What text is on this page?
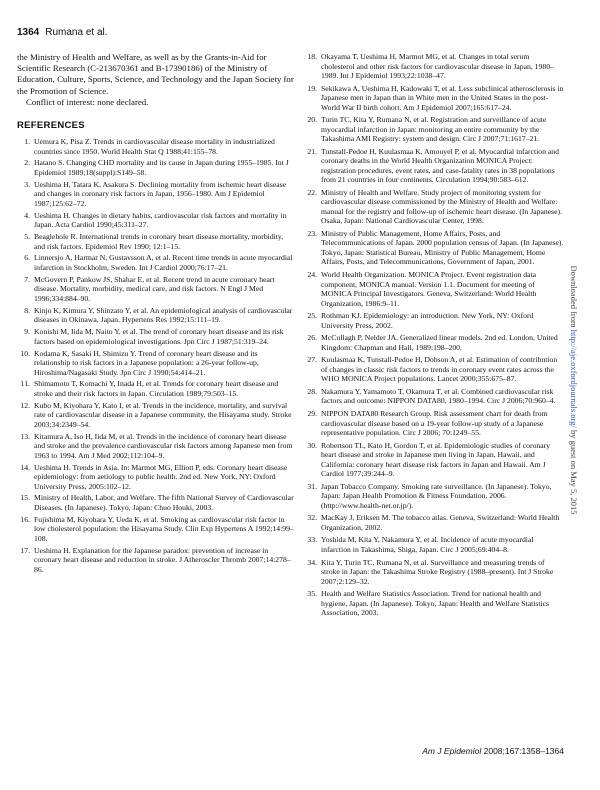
1364 Rumana et al.

the Ministry of Health and Welfare, as well as by the Grants-in-Aid for Scientific Research (C-213670361 and B-17390186) of the Ministry of Education, Culture, Sports, Science, and Technology and the Japan Society for the Promotion of Science.

Conflict of interest: none declared.

REFERENCES
1. Uemura K, Pisa Z. Trends in cardiovascular disease mortality in industrialized countries since 1950. World Health Stat Q 1988;41:155–78.
2. Hatano S. Changing CHD mortality and its cause in Japan during 1955–1985. Int J Epidemiol 1989;18(suppl):S149–58.
3. Ueshima H, Tatara K, Asakura S. Declining mortality from ischemic heart disease and changes in coronary risk factors in Japan, 1956–1980. Am J Epidemiol 1987;125:62–72.
4. Ueshima H. Changes in dietary habits, cardiovascular risk factors and mortality in Japan. Acta Cardiol 1990;45:311–27.
5. Beaglehole R. International trends in coronary heart disease mortality, morbidity, and risk factors. Epidemiol Rev 1990; 12:1–15.
6. Linnersjo A, Harmar N, Gustavsson A, et al. Recent time trends in acute myocardial infarction in Stockholm, Sweden. Int J Cardiol 2000;76:17–21.
7. McGovern P, Pankow JS, Shahar E, et al. Recent trend in acute coronary heart disease. Mortality, morbidity, medical care, and risk factors. N Engl J Med 1996;334:884–90.
8. Kinjo K, Kimura Y, Shinzato Y, et al. An epidemiological analysis of cardiovascular diseases in Okinawa, Japan. Hypertens Res 1992;15:111–19.
9. Konishi M, Iida M, Naito Y, et al. The trend of coronary heart disease and its risk factors based on epidemiological investigations. Jpn Circ J 1987;51:319–24.
10. Kodama K, Sasaki H, Shimizu Y. Trend of coronary heart disease and its relationship to risk factors in a Japanese population: a 26-year follow-up, Hiroshima/Nagasaki Study. Jpn Circ J 1990;54:414–21.
11. Shimamoto T, Komachi Y, Inada H, et al. Trends for coronary heart disease and stroke and their risk factors in Japan. Circulation 1989;79:503–15.
12. Kubo M, Kiyohara Y, Kato I, et al. Trends in the incidence, mortality, and survival rate of cardiovascular disease in a Japanese community, the Hisayama study. Stroke 2003;34:2349–54.
13. Kitamura A, Iso H, Iida M, et al. Trends in the incidence of coronary heart disease and stroke and the prevalence cardiovascular risk factors among Japanese men from 1963 to 1994. Am J Med 2002;112:104–9.
14. Ueshima H. Trends in Asia. In: Marmot MG, Elliott P, eds. Coronary heart disease epidemiology: from aetiology to public health. 2nd ed. New York, NY: Oxford University Press, 2005:102–12.
15. Ministry of Health, Labor, and Welfare. The fifth National Survey of Cardiovascular Diseases. (In Japanese). Tokyo, Japan: Chuo Houki, 2003.
16. Fujishima M, Kiyohara Y, Ueda K, et al. Smoking as cardiovascular risk factor in low cholesterol population: the Hisayama Study. Clin Exp Hypertens A 1992;14:99–108.
17. Ueshima H. Explanation for the Japanese paradox: prevention of increase in coronary heart disease and reduction in stroke. J Atheroscler Thromb 2007;14:278–86.
18. Okayama T, Ueshima H, Marmot MG, et al. Changes in total serum cholesterol and other risk factors for cardiovascular disease in Japan, 1980–1989. Int J Epidemiol 1993;22:1038–47.
19. Sekikawa A, Ueshima H, Kadowaki T, et al. Less subclinical atherosclerosis in Japanese men in Japan than in White men in the United States in the post-World War II birth cohort. Am J Epidemiol 2007;165:617–24.
20. Turin TC, Kita Y, Rumana N, et al. Registration and surveillance of acute myocardial infarction in Japan: monitoring an entire community by the Takashima AMI Registry: system and design. Circ J 2007;71:1617–21.
21. Tunstall-Pedoe H, Kuulasmaa K, Amouyel P, et al. Myocardial infarction and coronary deaths in the World Health Organization MONICA Project: registration procedures, event rates, and case-fatality rates in 38 populations from 21 countries in four continents. Circulation 1994;90:583–612.
22. Ministry of Health and Welfare. Study project of monitoring system for cardiovascular disease commissioned by the Ministry of Health and Welfare: manual for the registry and follow-up of ischemic heart disease. (In Japanese). Osaka, Japan: National Cardiovascular Center, 1998.
23. Ministry of Public Management, Home Affairs, Posts, and Telecommunications of Japan. 2000 population census of Japan. (In Japanese). Tokyo, Japan: Statistical Bureau, Ministry of Public Management, Home Affairs, Posts, and Telecommunications, Government of Japan, 2001.
24. World Health Organization. MONICA Project. Event registration data component, MONICA manual. Version 1.1. Document for meeting of MONICA Principal Investigators. Geneva, Switzerland: World Health Organization, 1986:9–11.
25. Rothman KJ. Epidemiology: an introduction. New York, NY: Oxford University Press, 2002.
26. McCullagh P, Nelder JA. Generalized linear models. 2nd ed. London, United Kingdom: Chapman and Hall, 1989:198–200.
27. Kuulasmaa K, Tunstall-Pedoe H, Dobson A, et al. Estimation of contribution of changes in classic risk factors to trends in coronary event rates across the WHO MONICA Project populations. Lancet 2000;355:675–87.
28. Nakamura Y, Yamamoto T, Okamura T, et al. Combined cardiovascular risk factors and outcome: NIPPON DATA80, 1980–1994. Circ J 2006;70:960–4.
29. NIPPON DATA80 Research Group. Risk assessment chart for death from cardiovascular disease based on a 19-year follow-up study of a Japanese representative population. Circ J 2006; 70:1249–55.
30. Robertson TL, Kato H, Gordon T, et al. Epidemiologic studies of coronary heart disease and stroke in Japanese men living in Japan, Hawaii, and California: coronary heart disease risk factors in Japan and Hawaii. Am J Cardiol 1977;39:244–9.
31. Japan Tobacco Company. Smoking rate surveillance. (In Japanese). Tokyo, Japan: Japan Health Promotion & Fitness Foundation, 2006. (http://www.health-net.or.jp/).
32. MacKay J, Eriksen M. The tobacco atlas. Geneva, Switzerland: World Health Organization, 2002.
33. Yoshida M, Kita Y, Nakamura Y, et al. Incidence of acute myocardial infarction in Takashima, Shiga, Japan. Circ J 2005;69:404–8.
34. Kita Y, Turin TC, Rumana N, et al. Surveillance and measuring trends of stroke in Japan: the Takashima Stroke Registry (1988–present). Int J Stroke 2007;2:129–32.
35. Health and Welfare Statistics Association. Trend for national health and hygiene, Japan. (In Japanese). Tokyo, Japan: Health and Welfare Statistics Association, 2003.
Downloaded from http://aje.oxfordjournals.org/ by guest on May 5, 2015
Am J Epidemiol 2008;167:1358–1364
